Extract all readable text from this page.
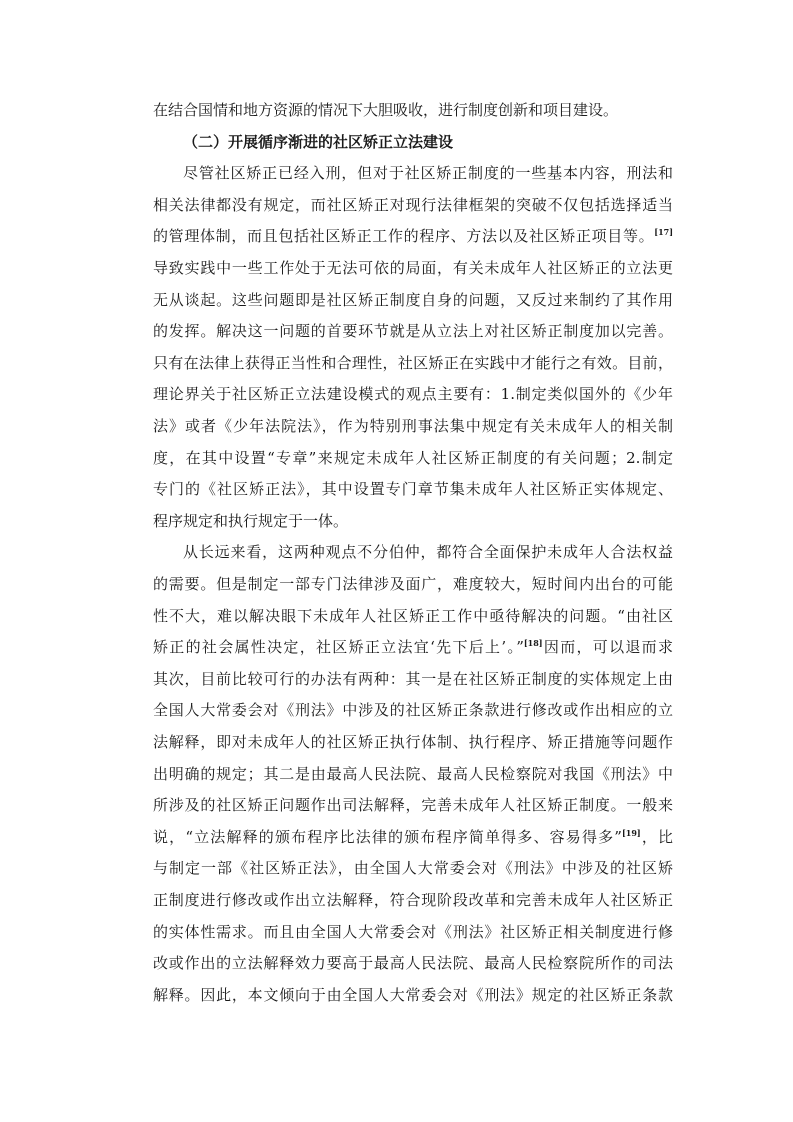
在结合国情和地方资源的情况下大胆吸收，进行制度创新和项目建设。
（二）开展循序渐进的社区矫正立法建设
尽管社区矫正已经入刑，但对于社区矫正制度的一些基本内容，刑法和
相关法律都没有规定，而社区矫正对现行法律框架的突破不仅包括选择适当
的管理体制，而且包括社区矫正工作的程序、方法以及社区矫正项目等。[17]
导致实践中一些工作处于无法可依的局面，有关未成年人社区矫正的立法更
无从谈起。这些问题即是社区矫正制度自身的问题，又反过来制约了其作用
的发挥。解决这一问题的首要环节就是从立法上对社区矫正制度加以完善。
只有在法律上获得正当性和合理性，社区矫正在实践中才能行之有效。目前，
理论界关于社区矫正立法建设模式的观点主要有：1.制定类似国外的《少年
法》或者《少年法院法》，作为特别刑事法集中规定有关未成年人的相关制
度，在其中设置“专章”来规定未成年人社区矫正制度的有关问题；2.制定
专门的《社区矫正法》，其中设置专门章节集未成年人社区矫正实体规定、
程序规定和执行规定于一体。
从长远来看，这两种观点不分伯仲，都符合全面保护未成年人合法权益
的需要。但是制定一部专门法律涉及面广，难度较大，短时间内出台的可能
性不大，难以解决眼下未成年人社区矫正工作中亟待解决的问题。“由社区
矫正的社会属性决定，社区矫正立法宜‘先下后上’。”[18]因而，可以退而求
其次，目前比较可行的办法有两种：其一是在社区矫正制度的实体规定上由
全国人大常委会对《刑法》中涉及的社区矫正条款进行修改或作出相应的立
法解释，即对未成年人的社区矫正执行体制、执行程序、矫正措施等问题作
出明确的规定；其二是由最高人民法院、最高人民检察院对我国《刑法》中
所涉及的社区矫正问题作出司法解释，完善未成年人社区矫正制度。一般来
说，“立法解释的颁布程序比法律的颁布程序简单得多、容易得多”[19]，比
与制定一部《社区矫正法》，由全国人大常委会对《刑法》中涉及的社区矫
正制度进行修改或作出立法解释，符合现阶段改革和完善未成年人社区矫正
的实体性需求。而且由全国人大常委会对《刑法》社区矫正相关制度进行修
改或作出的立法解释效力要高于最高人民法院、最高人民检察院所作的司法
解释。因此，本文倾向于由全国人大常委会对《刑法》规定的社区矫正条款
